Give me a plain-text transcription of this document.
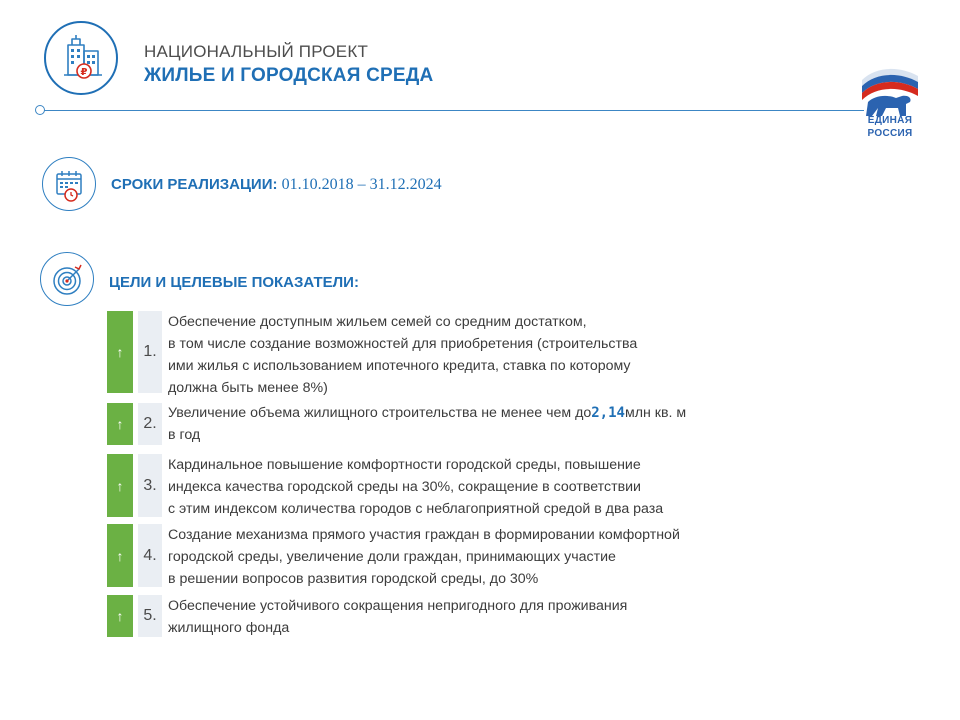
₽
НАЦИОНАЛЬНЫЙ ПРОЕКТ
ЖИЛЬЕ И ГОРОДСКАЯ СРЕДА
ЕДИНАЯ
РОССИЯ
СРОКИ РЕАЛИЗАЦИИ: 01.10.2018 – 31.12.2024
ЦЕЛИ И ЦЕЛЕВЫЕ ПОКАЗАТЕЛИ:
↑	1.
Обеспечение доступным жильем семей со средним достатком,
в том числе создание возможностей для приобретения (строительства
ими жилья с использованием ипотечного кредита, ставка по которому
должна быть менее 8%)
↑	2.
Увеличение объема жилищного строительства не менее чем до2,14млн кв. м
в год
↑	3.
Кардинальное повышение комфортности городской среды, повышение
индекса качества городской среды на 30%, сокращение в соответствии
с этим индексом количества городов с неблагоприятной средой в два раза
↑	4.
Создание механизма прямого участия граждан в формировании комфортной
городской среды, увеличение доли граждан, принимающих участие
в решении вопросов развития городской среды, до 30%
↑	5.
Обеспечение устойчивого сокращения непригодного для проживания
жилищного фонда
